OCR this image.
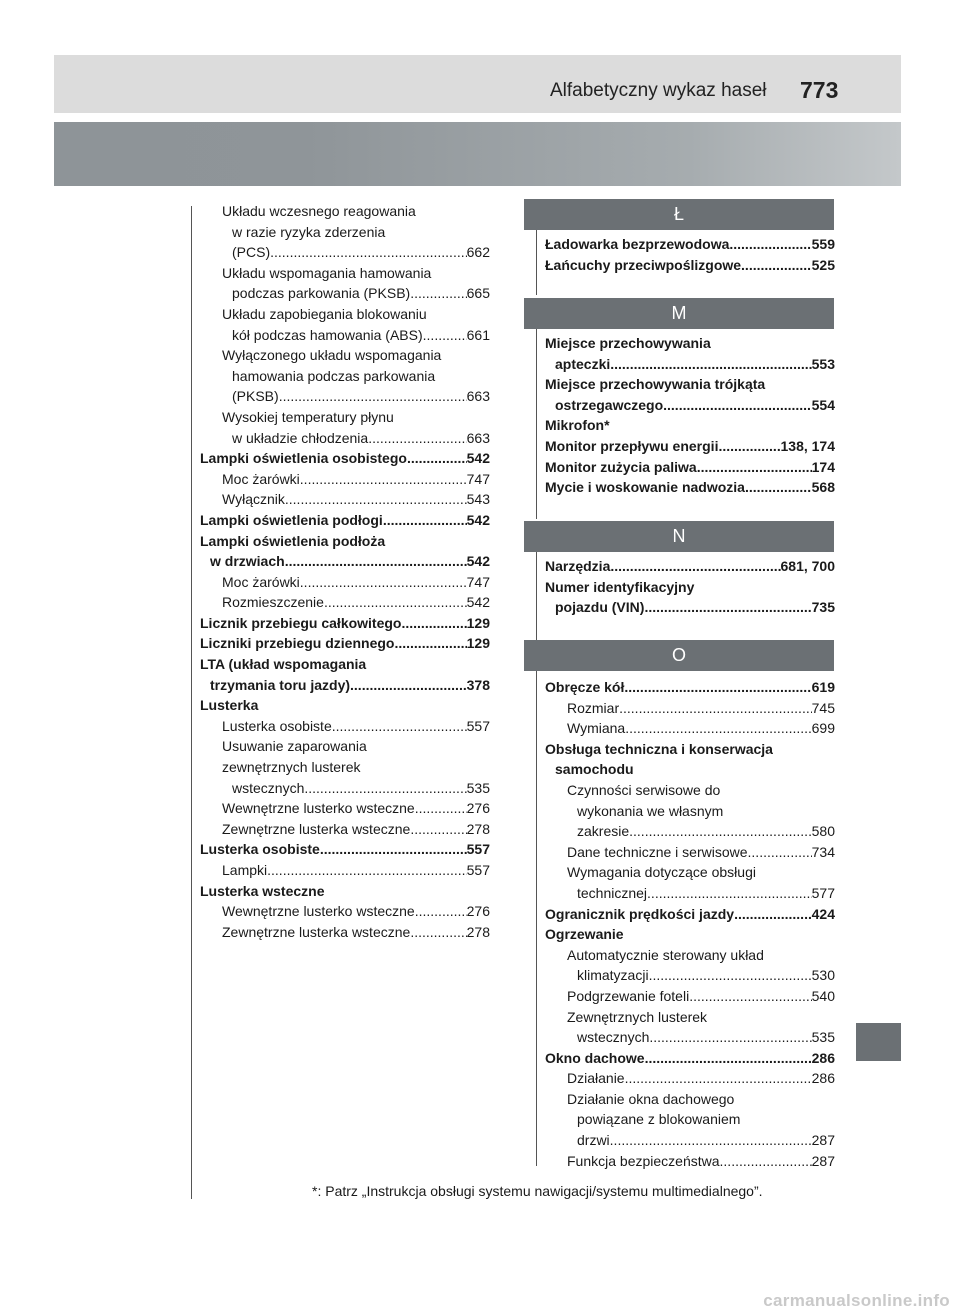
Alfabetyczny wykaz haseł 773
Układu wczesnego reagowania
w razie ryzyka zderzenia
(PCS) .....	662
Układu wspomagania hamowania
podczas parkowania (PKSB) .....	665
Układu zapobiegania blokowaniu
kół podczas hamowania (ABS) .....	661
Wyłączonego układu wspomagania
hamowania podczas parkowania
(PKSB) .....	663
Wysokiej temperatury płynu
w układzie chłodzenia .....	663
Lampki oświetlenia osobistego .....	542
Moc żarówki .....	747
Wyłącznik .....	543
Lampki oświetlenia podłogi .....	542
Lampki oświetlenia podłoża
w drzwiach .....	542
Moc żarówki .....	747
Rozmieszczenie .....	542
Licznik przebiegu całkowitego .....	129
Liczniki przebiegu dziennego .....	129
LTA (układ wspomagania
trzymania toru jazdy) .....	378
Lusterka
Lusterka osobiste .....	557
Usuwanie zaparowania
zewnętrznych lusterek
wstecznych .....	535
Wewnętrzne lusterko wsteczne .....	276
Zewnętrzne lusterka wsteczne .....	278
Lusterka osobiste .....	557
Lampki .....	557
Lusterka wsteczne
Wewnętrzne lusterko wsteczne .....	276
Zewnętrzne lusterka wsteczne .....	278
Ł
Ładowarka bezprzewodowa .....	559
Łańcuchy przeciwpoślizgowe .....	525
M
Miejsce przechowywania
apteczki .....	553
Miejsce przechowywania trójkąta
ostrzegawczego .....	554
Mikrofon*
Monitor przepływu energii .....	138, 174
Monitor zużycia paliwa .....	174
Mycie i woskowanie nadwozia .....	568
N
Narzędzia .....	681, 700
Numer identyfikacyjny
pojazdu (VIN) .....	735
O
Obręcze kół .....	619
Rozmiar .....	745
Wymiana .....	699
Obsługa techniczna i konserwacja
samochodu
Czynności serwisowe do
wykonania we własnym
zakresie .....	580
Dane techniczne i serwisowe .....	734
Wymagania dotyczące obsługi
technicznej .....	577
Ogranicznik prędkości jazdy .....	424
Ogrzewanie
Automatycznie sterowany układ
klimatyzacji .....	530
Podgrzewanie foteli .....	540
Zewnętrznych lusterek
wstecznych .....	535
Okno dachowe .....	286
Działanie .....	286
Działanie okna dachowego
powiązane z blokowaniem
drzwi .....	287
Funkcja bezpieczeństwa .....	287
*: Patrz „Instrukcja obsługi systemu nawigacji/systemu multimedialnego”.
carmanualsonline.info
